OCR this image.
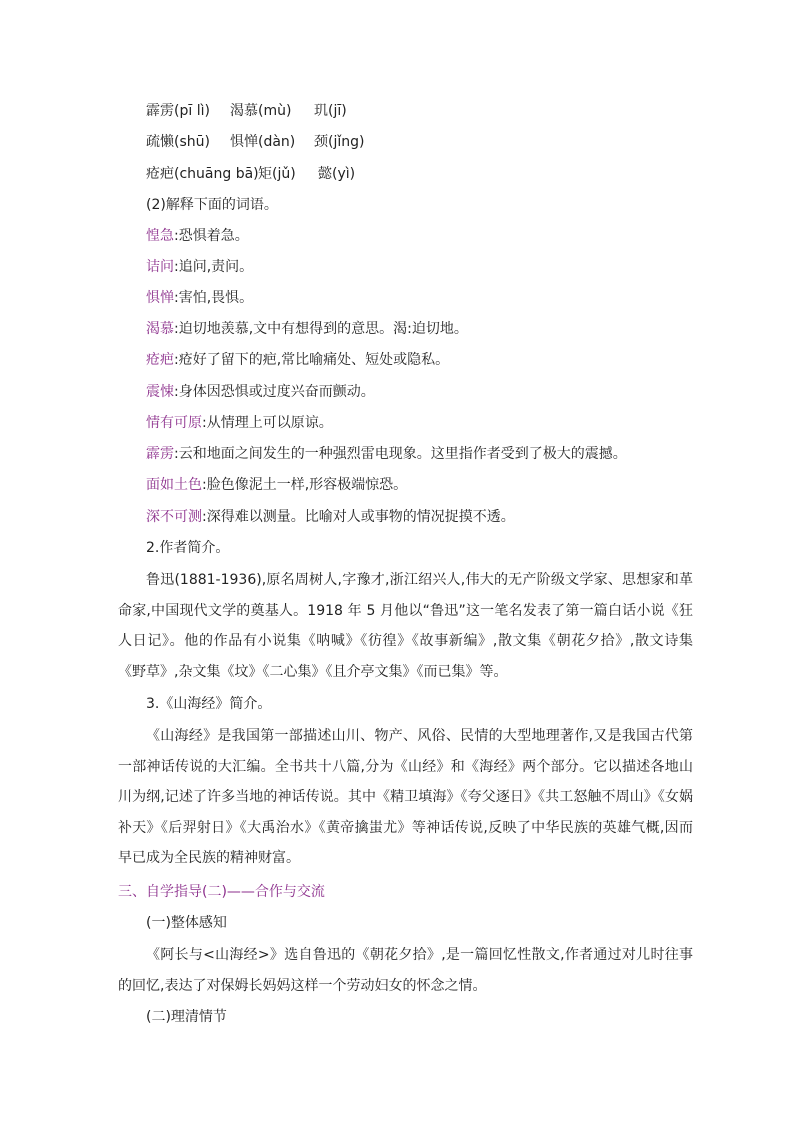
霹雳(pī lì) 渴慕(mù) 玑(jī)
疏懒(shū) 惧惮(dàn) 颈(jǐng)
疮疤(chuāng bā)矩(jǔ) 懿(yì)
(2)解释下面的词语。
惶急:恐惧着急。
诘问:追问,责问。
惧惮:害怕,畏惧。
渴慕:迫切地羡慕,文中有想得到的意思。渴:迫切地。
疮疤:疮好了留下的疤,常比喻痛处、短处或隐私。
震悚:身体因恐惧或过度兴奋而颤动。
情有可原:从情理上可以原谅。
霹雳:云和地面之间发生的一种强烈雷电现象。这里指作者受到了极大的震撼。
面如土色:脸色像泥土一样,形容极端惊恐。
深不可测:深得难以测量。比喻对人或事物的情况捉摸不透。
2.作者简介。
鲁迅(1881-1936),原名周树人,字豫才,浙江绍兴人,伟大的无产阶级文学家、思想家和革命家,中国现代文学的奠基人。1918 年 5 月他以“鲁迅”这一笔名发表了第一篇白话小说《狂人日记》。他的作品有小说集《呐喊》《彷徨》《故事新编》,散文集《朝花夕拾》,散文诗集《野草》,杂文集《坟》《二心集》《且介亭文集》《而已集》等。
3.《山海经》简介。
《山海经》是我国第一部描述山川、物产、风俗、民情的大型地理著作,又是我国古代第一部神话传说的大汇编。全书共十八篇,分为《山经》和《海经》两个部分。它以描述各地山川为纲,记述了许多当地的神话传说。其中《精卫填海》《夸父逐日》《共工怒触不周山》《女娲补天》《后羿射日》《大禹治水》《黄帝擒蚩尤》等神话传说,反映了中华民族的英雄气概,因而早已成为全民族的精神财富。
三、自学指导(二)——合作与交流
(一)整体感知
《阿长与<山海经>》选自鲁迅的《朝花夕拾》,是一篇回忆性散文,作者通过对儿时往事的回忆,表达了对保姆长妈妈这样一个劳动妇女的怀念之情。
(二)理清情节
